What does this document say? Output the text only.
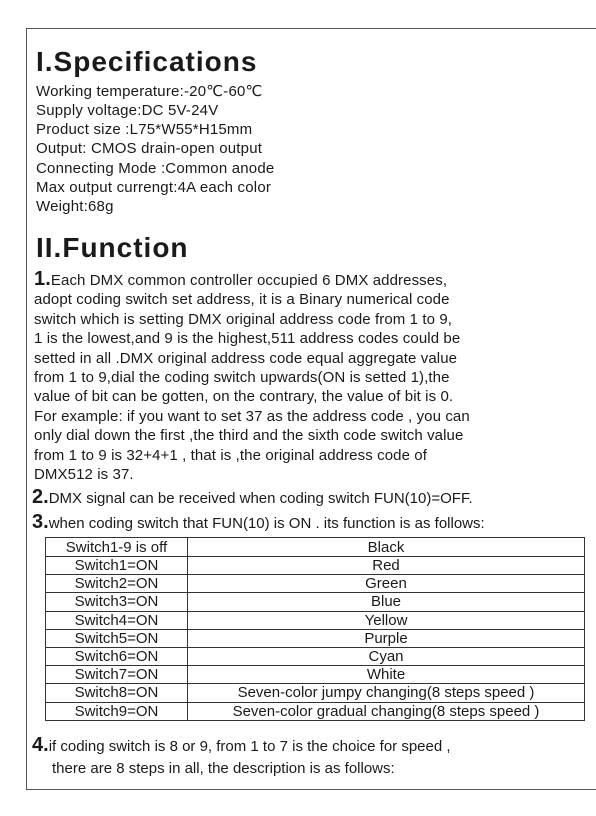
I.Specifications
Working temperature:-20℃-60℃
Supply voltage:DC 5V-24V
Product size :L75*W55*H15mm
Output: CMOS drain-open output
Connecting Mode :Common anode
Max output currengt:4A each color
Weight:68g
II.Function
1.Each DMX common controller occupied 6 DMX addresses,
adopt coding switch set address, it is a Binary numerical code
switch which is setting DMX original address code from 1 to 9,
1 is the lowest,and 9 is the highest,511 address codes could be
setted in all .DMX original address code equal aggregate value
from 1 to 9,dial the coding switch upwards(ON is setted 1),the
value of bit can be gotten, on the contrary, the value of bit is 0.
For example: if you want to set 37 as the address code , you can
only dial down the first ,the third and the sixth code switch value
from 1 to 9 is 32+4+1 , that is ,the original address code of
DMX512 is 37.
2.DMX signal can be received when coding switch FUN(10)=OFF.
3.when coding switch that FUN(10) is ON . its function is as follows:
Switch1-9 is off	Black
Switch1=ON	Red
Switch2=ON	Green
Switch3=ON	Blue
Switch4=ON	Yellow
Switch5=ON	Purple
Switch6=ON	Cyan
Switch7=ON	White
Switch8=ON	Seven-color jumpy changing(8 steps speed )
Switch9=ON	Seven-color gradual changing(8 steps speed )
4.if coding switch is 8 or 9, from 1 to 7 is the choice for speed ,
there are 8 steps in all, the description is as follows:
